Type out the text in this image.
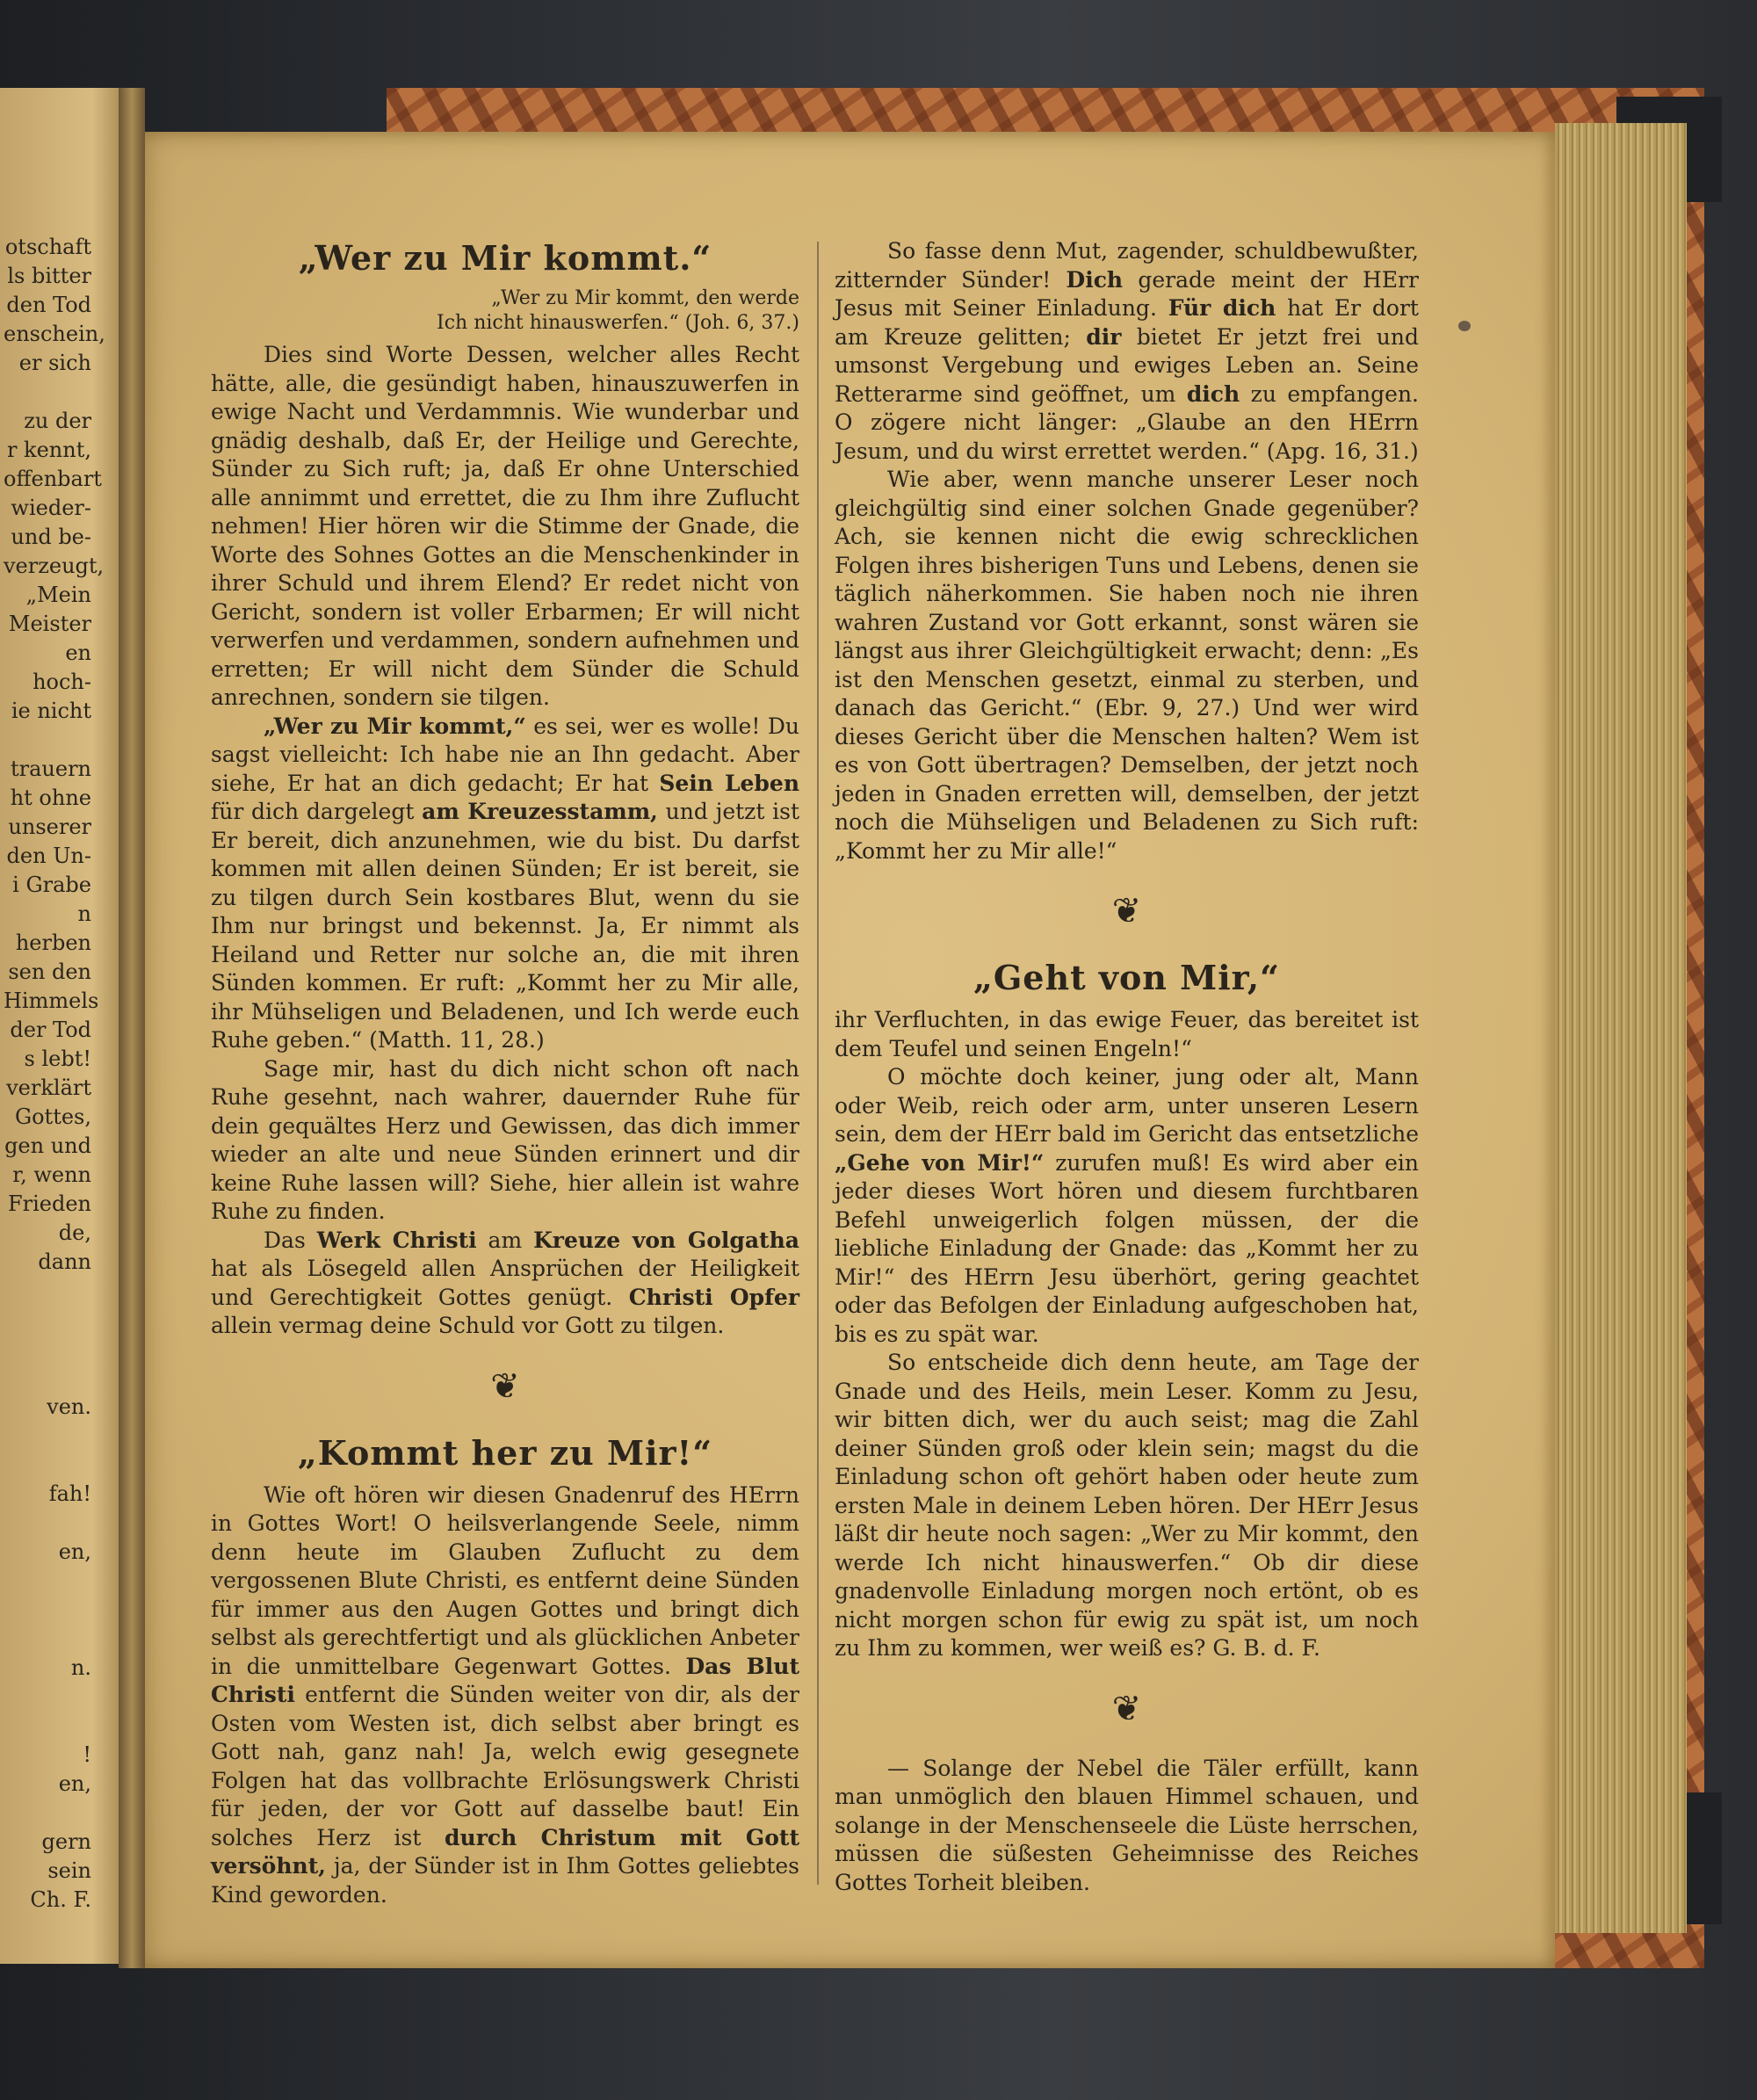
otschaft
ls bitter
den Tod
enschein,
er sich

zu der
r kennt,
offenbart
wieder-
und be-
verzeugt,
„Mein
Meister
en hoch-
ie nicht

trauern
ht ohne
unserer
den Un-
i Grabe
n herben
sen den
Himmels
der Tod
s lebt!
verklärt
Gottes,
gen und
r, wenn
Frieden
de, dann

ven.

fah!

en,

n.

!
en,

gern sein
Ch. F.
„Wer zu Mir kommt.“
„Wer zu Mir kommt, den werde
Ich nicht hinauswerfen.“ (Joh. 6, 37.)

Dies sind Worte Dessen, welcher alles Recht hätte, alle, die gesündigt haben, hinauszuwerfen in ewige Nacht und Verdammnis. Wie wunderbar und gnädig deshalb, daß Er, der Heilige und Gerechte, Sünder zu Sich ruft; ja, daß Er ohne Unterschied alle annimmt und errettet, die zu Ihm ihre Zuflucht nehmen! Hier hören wir die Stimme der Gnade, die Worte des Sohnes Gottes an die Menschenkinder in ihrer Schuld und ihrem Elend? Er redet nicht von Gericht, sondern ist voller Erbarmen; Er will nicht verwerfen und verdammen, sondern aufnehmen und erretten; Er will nicht dem Sünder die Schuld anrechnen, sondern sie tilgen.

„Wer zu Mir kommt,“ es sei, wer es wolle! Du sagst vielleicht: Ich habe nie an Ihn gedacht. Aber siehe, Er hat an dich gedacht; Er hat Sein Leben für dich dargelegt am Kreuzesstamm, und jetzt ist Er bereit, dich anzunehmen, wie du bist. Du darfst kommen mit allen deinen Sünden; Er ist bereit, sie zu tilgen durch Sein kostbares Blut, wenn du sie Ihm nur bringst und bekennst. Ja, Er nimmt als Heiland und Retter nur solche an, die mit ihren Sünden kommen. Er ruft: „Kommt her zu Mir alle, ihr Mühseligen und Beladenen, und Ich werde euch Ruhe geben.“ (Matth. 11, 28.)

Sage mir, hast du dich nicht schon oft nach Ruhe gesehnt, nach wahrer, dauernder Ruhe für dein gequältes Herz und Gewissen, das dich immer wieder an alte und neue Sünden erinnert und dir keine Ruhe lassen will? Siehe, hier allein ist wahre Ruhe zu finden.

Das Werk Christi am Kreuze von Golgatha hat als Lösegeld allen Ansprüchen der Heiligkeit und Gerechtigkeit Gottes genügt. Christi Opfer allein vermag deine Schuld vor Gott zu tilgen.

❦
„Kommt her zu Mir!“

Wie oft hören wir diesen Gnadenruf des HErrn in Gottes Wort! O heilsverlangende Seele, nimm denn heute im Glauben Zuflucht zu dem vergossenen Blute Christi, es entfernt deine Sünden für immer aus den Augen Gottes und bringt dich selbst als gerechtfertigt und als glücklichen Anbeter in die unmittelbare Gegenwart Gottes. Das Blut Christi entfernt die Sünden weiter von dir, als der Osten vom Westen ist, dich selbst aber bringt es Gott nah, ganz nah! Ja, welch ewig gesegnete Folgen hat das vollbrachte Erlösungswerk Christi für jeden, der vor Gott auf dasselbe baut! Ein solches Herz ist durch Christum mit Gott versöhnt, ja, der Sünder ist in Ihm Gottes geliebtes Kind geworden.

So fasse denn Mut, zagender, schuldbewußter, zitternder Sünder! Dich gerade meint der HErr Jesus mit Seiner Einladung. Für dich hat Er dort am Kreuze gelitten; dir bietet Er jetzt frei und umsonst Vergebung und ewiges Leben an. Seine Retterarme sind geöffnet, um dich zu empfangen. O zögere nicht länger: „Glaube an den HErrn Jesum, und du wirst errettet werden.“ (Apg. 16, 31.)

Wie aber, wenn manche unserer Leser noch gleichgültig sind einer solchen Gnade gegenüber? Ach, sie kennen nicht die ewig schrecklichen Folgen ihres bisherigen Tuns und Lebens, denen sie täglich näherkommen. Sie haben noch nie ihren wahren Zustand vor Gott erkannt, sonst wären sie längst aus ihrer Gleichgültigkeit erwacht; denn: „Es ist den Menschen gesetzt, einmal zu sterben, und danach das Gericht.“ (Ebr. 9, 27.) Und wer wird dieses Gericht über die Menschen halten? Wem ist es von Gott übertragen? Demselben, der jetzt noch jeden in Gnaden erretten will, demselben, der jetzt noch die Mühseligen und Beladenen zu Sich ruft: „Kommt her zu Mir alle!“

❦
„Geht von Mir,“

ihr Verfluchten, in das ewige Feuer, das bereitet ist dem Teufel und seinen Engeln!“

O möchte doch keiner, jung oder alt, Mann oder Weib, reich oder arm, unter unseren Lesern sein, dem der HErr bald im Gericht das entsetzliche „Gehe von Mir!“ zurufen muß! Es wird aber ein jeder dieses Wort hören und diesem furchtbaren Befehl unweigerlich folgen müssen, der die liebliche Einladung der Gnade: das „Kommt her zu Mir!“ des HErrn Jesu überhört, gering geachtet oder das Befolgen der Einladung aufgeschoben hat, bis es zu spät war.

So entscheide dich denn heute, am Tage der Gnade und des Heils, mein Leser. Komm zu Jesu, wir bitten dich, wer du auch seist; mag die Zahl deiner Sünden groß oder klein sein; magst du die Einladung schon oft gehört haben oder heute zum ersten Male in deinem Leben hören. Der HErr Jesus läßt dir heute noch sagen: „Wer zu Mir kommt, den werde Ich nicht hinauswerfen.“ Ob dir diese gnadenvolle Einladung morgen noch ertönt, ob es nicht morgen schon für ewig zu spät ist, um noch zu Ihm zu kommen, wer weiß es? G. B. d. F.

❦

— Solange der Nebel die Täler erfüllt, kann man unmöglich den blauen Himmel schauen, und solange in der Menschenseele die Lüste herrschen, müssen die süßesten Geheimnisse des Reiches Gottes Torheit bleiben.
